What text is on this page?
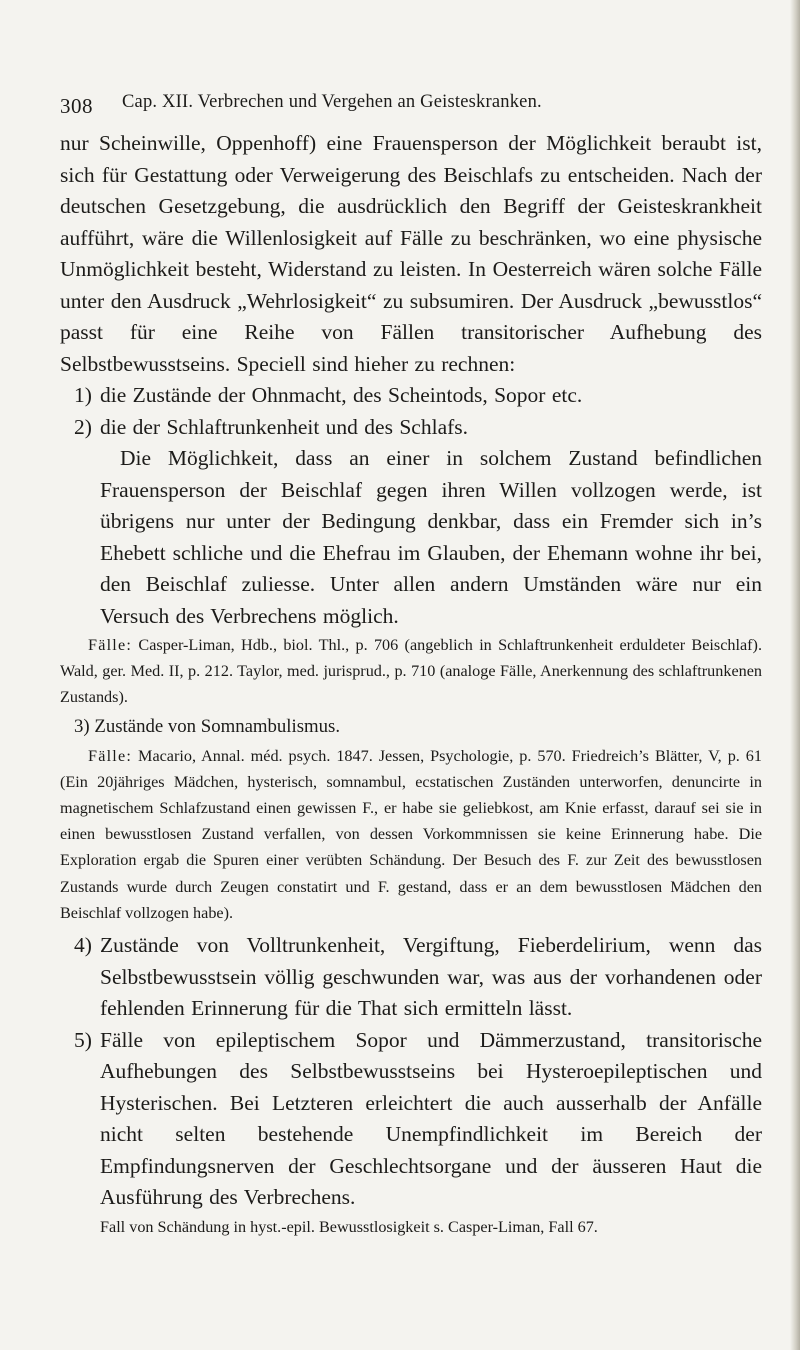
308 Cap. XII. Verbrechen und Vergehen an Geisteskranken.

nur Scheinwille, Oppenhoff) eine Frauensperson der Möglichkeit beraubt ist, sich für Gestattung oder Verweigerung des Beischlafs zu entscheiden. Nach der deutschen Gesetzgebung, die ausdrücklich den Begriff der Geisteskrankheit aufführt, wäre die Willenlosigkeit auf Fälle zu beschränken, wo eine physische Unmöglichkeit besteht, Widerstand zu leisten. In Oesterreich wären solche Fälle unter den Ausdruck „Wehrlosigkeit“ zu subsumiren. Der Ausdruck „bewusstlos“ passt für eine Reihe von Fällen transitorischer Aufhebung des Selbstbewusstseins. Speciell sind hieher zu rechnen:

1) die Zustände der Ohnmacht, des Scheintods, Sopor etc.
2) die der Schlaftrunkenheit und des Schlafs.

Die Möglichkeit, dass an einer in solchem Zustand befindlichen Frauensperson der Beischlaf gegen ihren Willen vollzogen werde, ist übrigens nur unter der Bedingung denkbar, dass ein Fremder sich in’s Ehebett schliche und die Ehefrau im Glauben, der Ehemann wohne ihr bei, den Beischlaf zuliesse. Unter allen andern Umständen wäre nur ein Versuch des Verbrechens möglich.

Fälle: Casper-Liman, Hdb., biol. Thl., p. 706 (angeblich in Schlaftrunkenheit erduldeter Beischlaf). Wald, ger. Med. II, p. 212. Taylor, med. jurisprud., p. 710 (analoge Fälle, Anerkennung des schlaftrunkenen Zustands).

3) Zustände von Somnambulismus.

Fälle: Macario, Annal. méd. psych. 1847. Jessen, Psychologie, p. 570. Friedreich’s Blätter, V, p. 61 (Ein 20jähriges Mädchen, hysterisch, somnambul, ecstatischen Zuständen unterworfen, denuncirte in magnetischem Schlafzustand einen gewissen F., er habe sie geliebkost, am Knie erfasst, darauf sei sie in einen bewusstlosen Zustand verfallen, von dessen Vorkommnissen sie keine Erinnerung habe. Die Exploration ergab die Spuren einer verübten Schändung. Der Besuch des F. zur Zeit des bewusstlosen Zustands wurde durch Zeugen constatirt und F. gestand, dass er an dem bewusstlosen Mädchen den Beischlaf vollzogen habe).

4) Zustände von Volltrunkenheit, Vergiftung, Fieberdelirium, wenn das Selbstbewusstsein völlig geschwunden war, was aus der vorhandenen oder fehlenden Erinnerung für die That sich ermitteln lässt.
5) Fälle von epileptischem Sopor und Dämmerzustand, transitorische Aufhebungen des Selbstbewusstseins bei Hysteroepileptischen und Hysterischen. Bei Letzteren erleichtert die auch ausserhalb der Anfälle nicht selten bestehende Unempfindlichkeit im Bereich der Empfindungsnerven der Geschlechtsorgane und der äusseren Haut die Ausführung des Verbrechens.

Fall von Schändung in hyst.-epil. Bewusstlosigkeit s. Casper-Liman, Fall 67.
